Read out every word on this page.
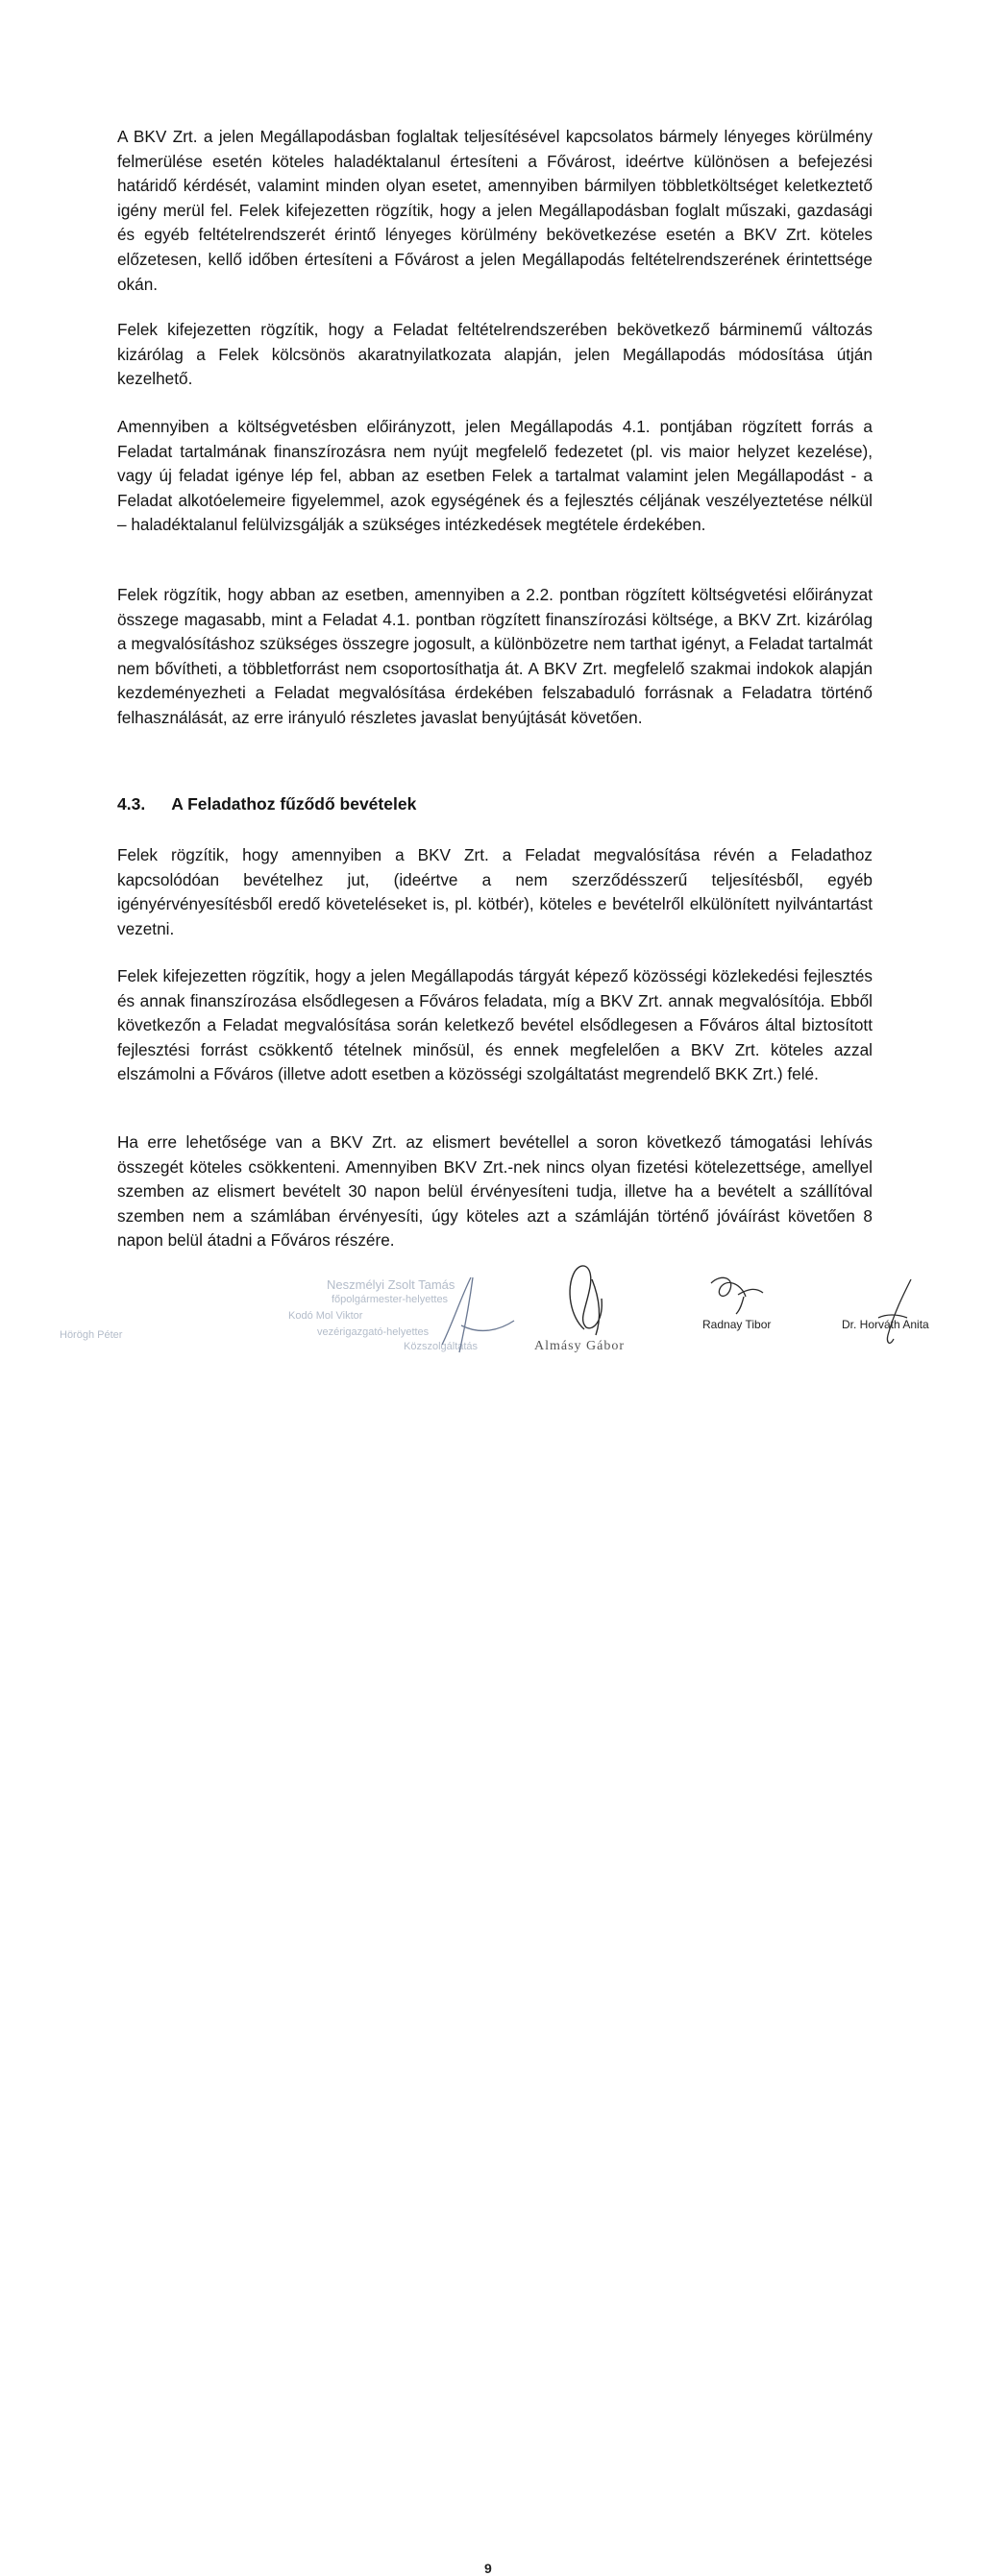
A BKV Zrt. a jelen Megállapodásban foglaltak teljesítésével kapcsolatos bármely lényeges körülmény felmerülése esetén köteles haladéktalanul értesíteni a Fővárost, ideértve különösen a befejezési határidő kérdését, valamint minden olyan esetet, amennyiben bármilyen többletköltséget keletkeztető igény merül fel. Felek kifejezetten rögzítik, hogy a jelen Megállapodásban foglalt műszaki, gazdasági és egyéb feltételrendszerét érintő lényeges körülmény bekövetkezése esetén a BKV Zrt. köteles előzetesen, kellő időben értesíteni a Fővárost a jelen Megállapodás feltételrendszerének érintettsége okán.

Felek kifejezetten rögzítik, hogy a Feladat feltételrendszerében bekövetkező bárminemű változás kizárólag a Felek kölcsönös akaratnyilatkozata alapján, jelen Megállapodás módosítása útján kezelhető.

Amennyiben a költségvetésben előirányzott, jelen Megállapodás 4.1. pontjában rögzített forrás a Feladat tartalmának finanszírozásra nem nyújt megfelelő fedezetet (pl. vis maior helyzet kezelése), vagy új feladat igénye lép fel, abban az esetben Felek a tartalmat valamint jelen Megállapodást - a Feladat alkotóelemeire figyelemmel, azok egységének és a fejlesztés céljának veszélyeztetése nélkül – haladéktalanul felülvizsgálják a szükséges intézkedések megtétele érdekében.

Felek rögzítik, hogy abban az esetben, amennyiben a 2.2. pontban rögzített költségvetési előirányzat összege magasabb, mint a Feladat 4.1. pontban rögzített finanszírozási költsége, a BKV Zrt. kizárólag a megvalósításhoz szükséges összegre jogosult, a különbözetre nem tarthat igényt, a Feladat tartalmát nem bővítheti, a többletforrást nem csoportosíthatja át. A BKV Zrt. megfelelő szakmai indokok alapján kezdeményezheti a Feladat megvalósítása érdekében felszabaduló forrásnak a Feladatra történő felhasználását, az erre irányuló részletes javaslat benyújtását követően.

4.3. A Feladathoz fűződő bevételek

Felek rögzítik, hogy amennyiben a BKV Zrt. a Feladat megvalósítása révén a Feladathoz kapcsolódóan bevételhez jut, (ideértve a nem szerződésszerű teljesítésből, egyéb igényérvényesítésből eredő követeléseket is, pl. kötbér), köteles e bevételről elkülönített nyilvántartást vezetni.

Felek kifejezetten rögzítik, hogy a jelen Megállapodás tárgyát képező közösségi közlekedési fejlesztés és annak finanszírozása elsődlegesen a Főváros feladata, míg a BKV Zrt. annak megvalósítója. Ebből következőn a Feladat megvalósítása során keletkező bevétel elsődlegesen a Főváros által biztosított fejlesztési forrást csökkentő tételnek minősül, és ennek megfelelően a BKV Zrt. köteles azzal elszámolni a Főváros (illetve adott esetben a közösségi szolgáltatást megrendelő BKK Zrt.) felé.

Ha erre lehetősége van a BKV Zrt. az elismert bevétellel a soron következő támogatási lehívás összegét köteles csökkenteni. Amennyiben BKV Zrt.-nek nincs olyan fizetési kötelezettsége, amellyel szemben az elismert bevételt 30 napon belül érvényesíteni tudja, illetve ha a bevételt a szállítóval szemben nem a számlában érvényesíti, úgy köteles azt a számláján történő jóváírást követően 8 napon belül átadni a Főváros részére.

Neszmélyi Zsolt Tamás
főpolgármester-helyettes
Kodó Mol Viktor
vezérigazgató-helyettes
Közszolgáltatás
Hörögh Péter
9
Almásy Gábor
Radnay Tibor	Dr. Horváth Anita
